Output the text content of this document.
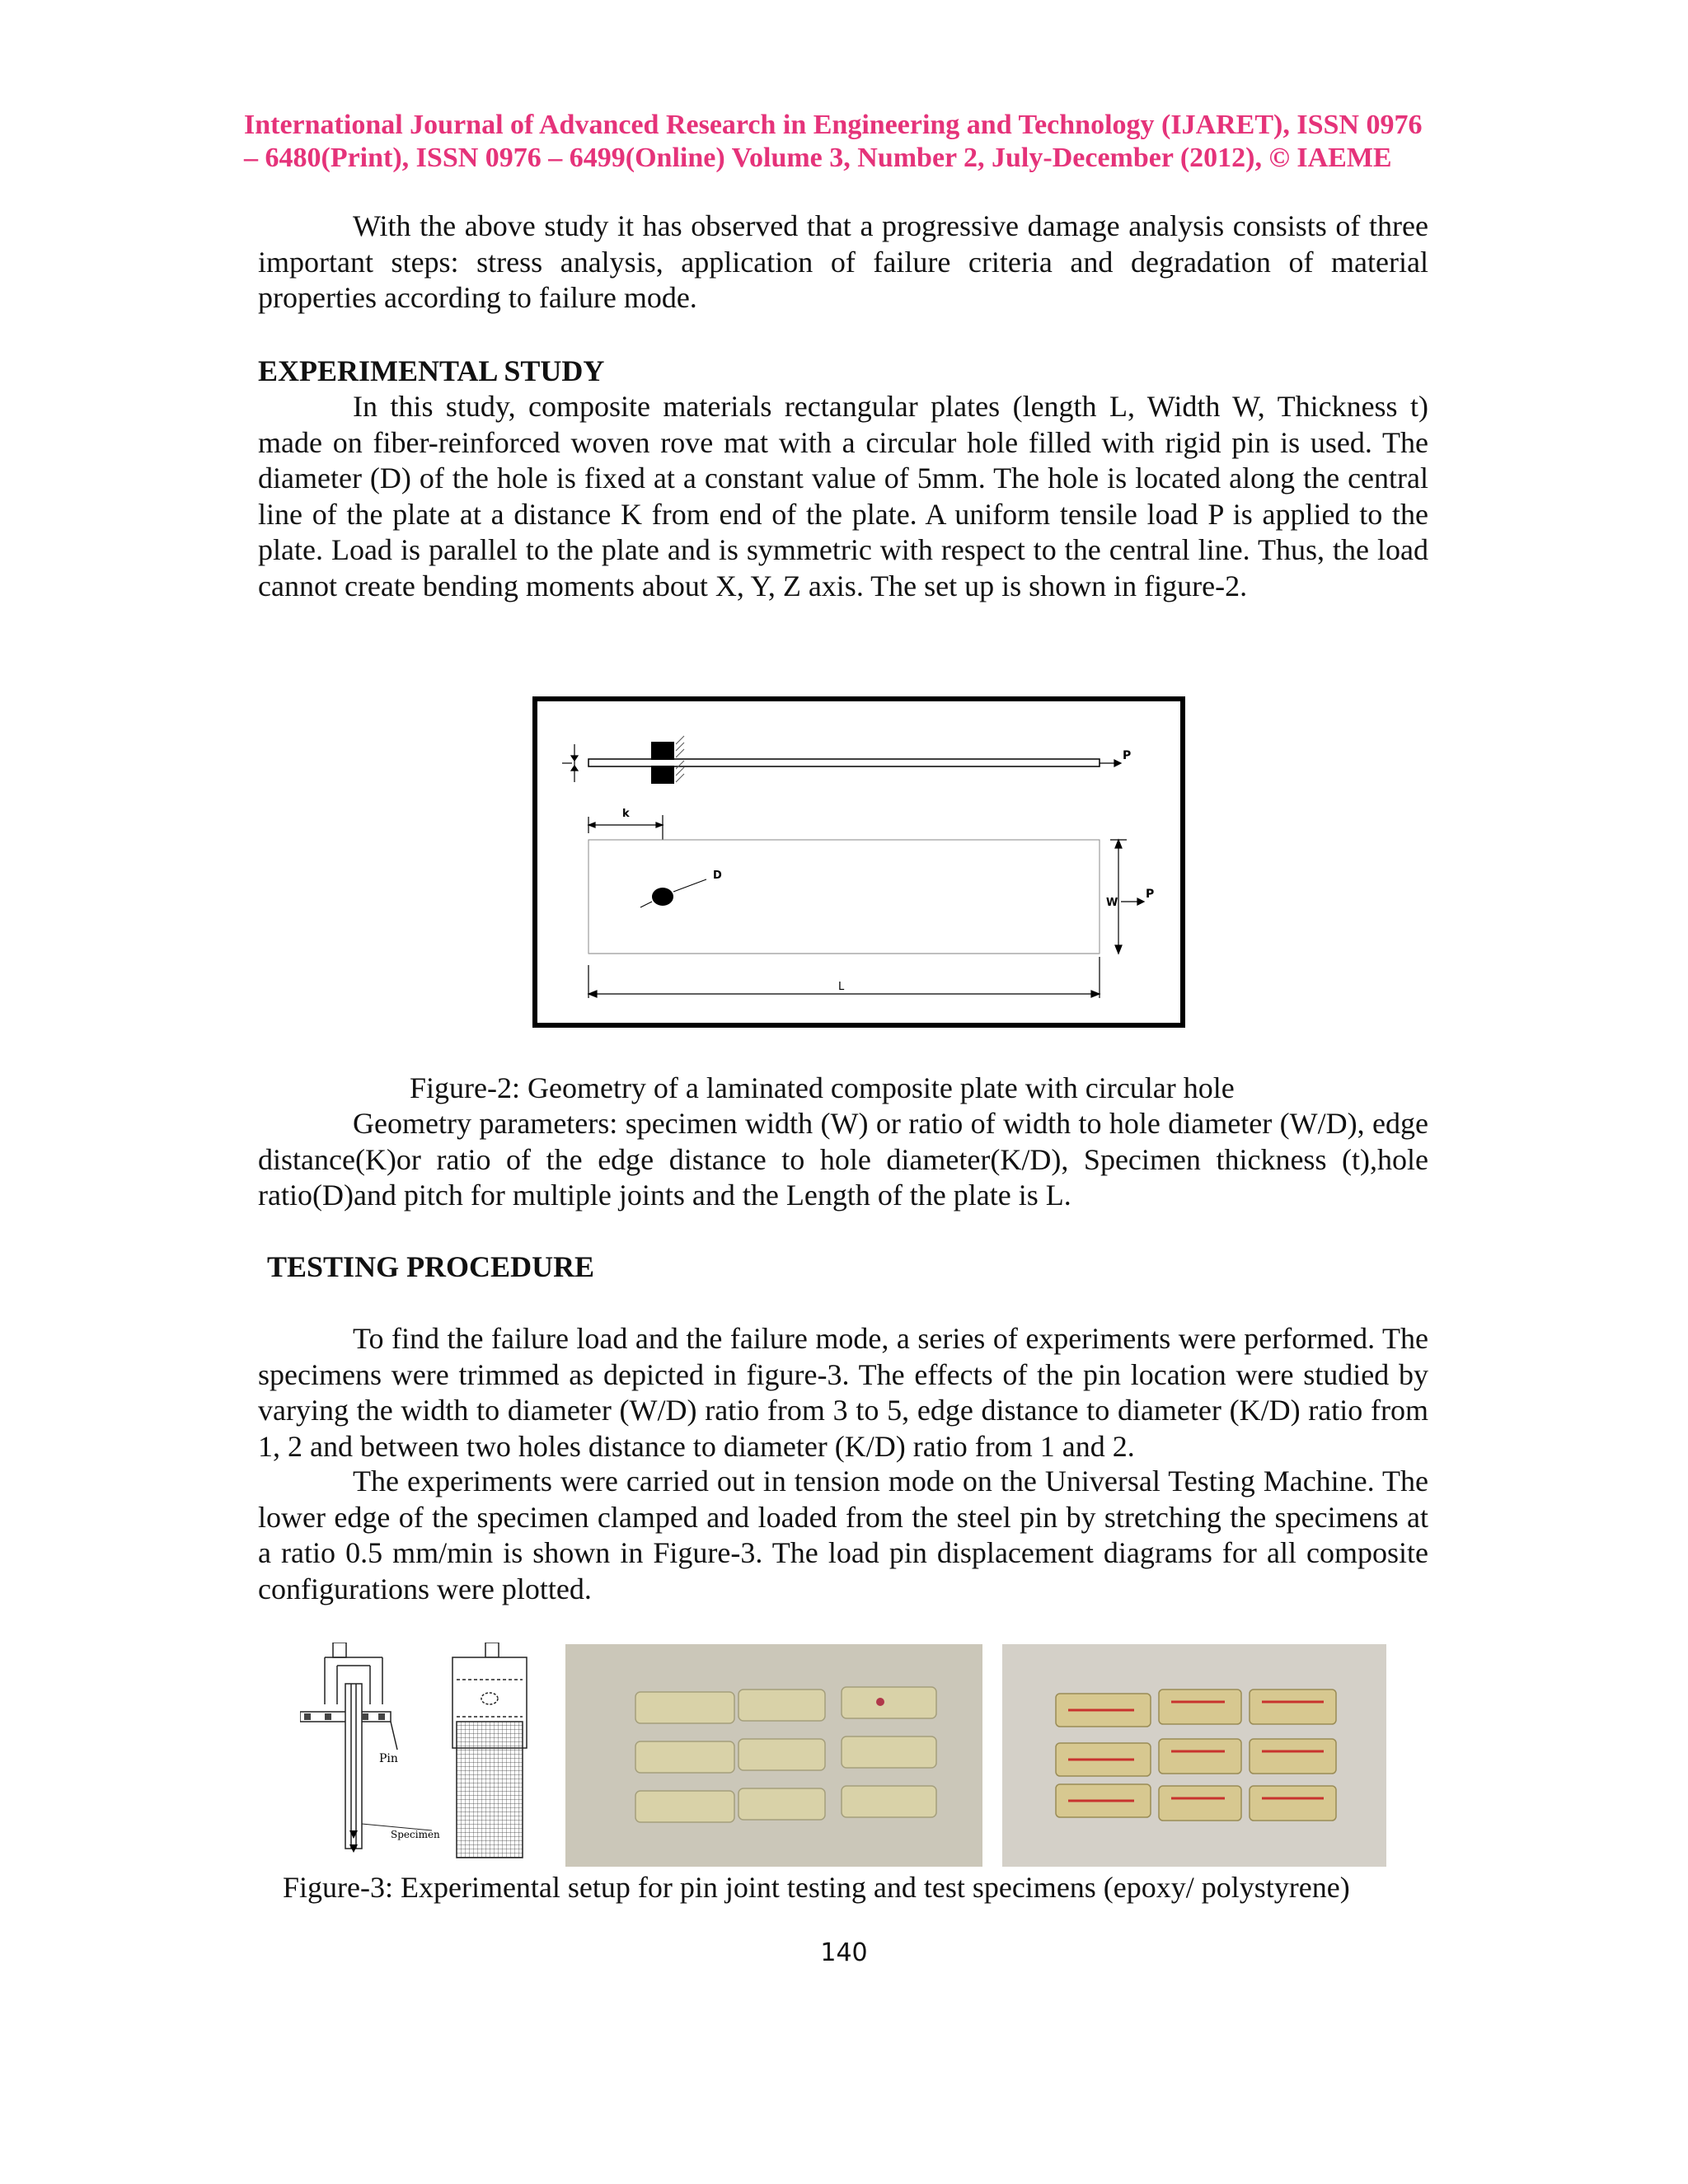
International Journal of Advanced Research in Engineering and Technology (IJARET), ISSN 0976
– 6480(Print), ISSN 0976 – 6499(Online) Volume 3, Number 2, July-December (2012), © IAEME

With the above study it has observed that a progressive damage analysis consists of three important steps: stress analysis, application of failure criteria and degradation of material properties according to failure mode.

EXPERIMENTAL STUDY

In this study, composite materials rectangular plates (length L, Width W, Thickness t) made on fiber-reinforced woven rove mat with a circular hole filled with rigid pin is used. The diameter (D) of the hole is fixed at a constant value of 5mm. The hole is located along the central line of the plate at a distance K from end of the plate. A uniform tensile load P is applied to the plate. Load is parallel to the plate and is symmetric with respect to the central line. Thus, the load cannot create bending moments about X, Y, Z axis. The set up is shown in figure-2.

P
k
D
W
P
L
Figure-2: Geometry of a laminated composite plate with circular hole

Geometry parameters: specimen width (W) or ratio of width to hole diameter (W/D), edge distance(K)or ratio of the edge distance to hole diameter(K/D), Specimen thickness (t),hole ratio(D)and pitch for multiple joints and the Length of the plate is L.

TESTING PROCEDURE

To find the failure load and the failure mode, a series of experiments were performed. The specimens were trimmed as depicted in figure-3. The effects of the pin location were studied by varying the width to diameter (W/D) ratio from 3 to 5, edge distance to diameter (K/D) ratio from 1, 2 and between two holes distance to diameter (K/D) ratio from 1 and 2.

The experiments were carried out in tension mode on the Universal Testing Machine. The lower edge of the specimen clamped and loaded from the steel pin by stretching the specimens at a ratio 0.5 mm/min is shown in Figure-3. The load pin displacement diagrams for all composite configurations were plotted.

Pin
Specimen
Figure-3: Experimental setup for pin joint testing and test specimens (epoxy/ polystyrene)
140
